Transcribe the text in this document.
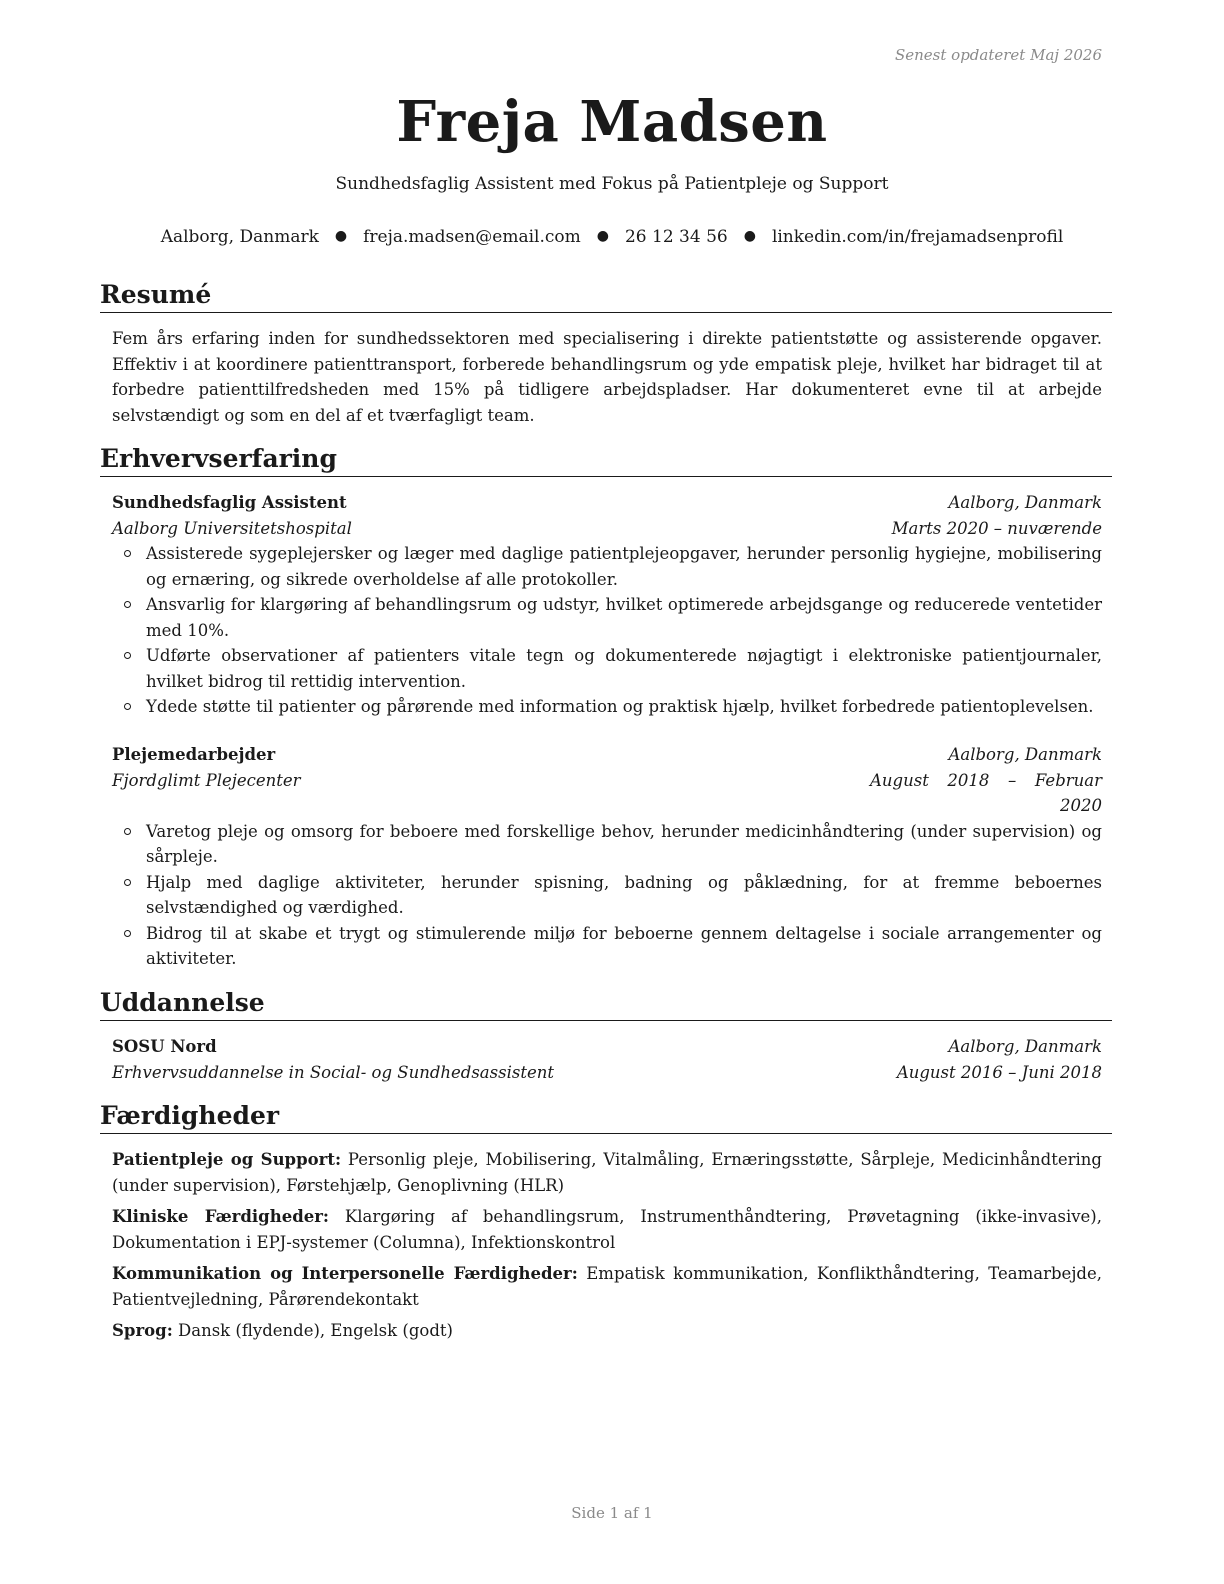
Senest opdateret Maj 2026
Freja Madsen
Sundhedsfaglig Assistent med Fokus på Patientpleje og Support
Aalborg, Danmark ● freja.madsen@email.com ● 26 12 34 56 ● linkedin.com/in/frejamadsenprofil
Resumé
Fem års erfaring inden for sundhedssektoren med specialisering i direkte patientstøtte og assisterende opgaver. Effektiv i at koordinere patienttransport, forberede behandlingsrum og yde empatisk pleje, hvilket har bidraget til at forbedre patienttilfredsheden med 15% på tidligere arbejdspladser. Har dokumenteret evne til at arbejde selvstændigt og som en del af et tværfagligt team.
Erhvervserfaring
Sundhedsfaglig Assistent	Aalborg, Danmark
Aalborg Universitetshospital	Marts 2020 – nuværende
Assisterede sygeplejersker og læger med daglige patientplejeopgaver, herunder personlig hygiejne, mobilisering og ernæring, og sikrede overholdelse af alle protokoller.
Ansvarlig for klargøring af behandlingsrum og udstyr, hvilket optimerede arbejdsgange og reducerede ventetider med 10%.
Udførte observationer af patienters vitale tegn og dokumenterede nøjagtigt i elektroniske patientjournaler, hvilket bidrog til rettidig intervention.
Ydede støtte til patienter og pårørende med information og praktisk hjælp, hvilket forbedrede patientoplevelsen.
Plejemedarbejder	Aalborg, Danmark
Fjordglimt Plejecenter	August 2018 – Februar
2020
Varetog pleje og omsorg for beboere med forskellige behov, herunder medicinhåndtering (under supervision) og sårpleje.
Hjalp med daglige aktiviteter, herunder spisning, badning og påklædning, for at fremme beboernes selvstændighed og værdighed.
Bidrog til at skabe et trygt og stimulerende miljø for beboerne gennem deltagelse i sociale arrangementer og aktiviteter.
Uddannelse
SOSU Nord	Aalborg, Danmark
Erhvervsuddannelse in Social- og Sundhedsassistent	August 2016 – Juni 2018
Færdigheder
Patientpleje og Support: Personlig pleje, Mobilisering, Vitalmåling, Ernæringsstøtte, Sårpleje, Medicinhåndtering (under supervision), Førstehjælp, Genoplivning (HLR)
Kliniske Færdigheder: Klargøring af behandlingsrum, Instrumenthåndtering, Prøvetagning (ikke-invasive), Dokumentation i EPJ-systemer (Columna), Infektionskontrol
Kommunikation og Interpersonelle Færdigheder: Empatisk kommunikation, Konflikthåndtering, Teamarbejde, Patientvejledning, Pårørendekontakt
Sprog: Dansk (flydende), Engelsk (godt)
Side 1 af 1
